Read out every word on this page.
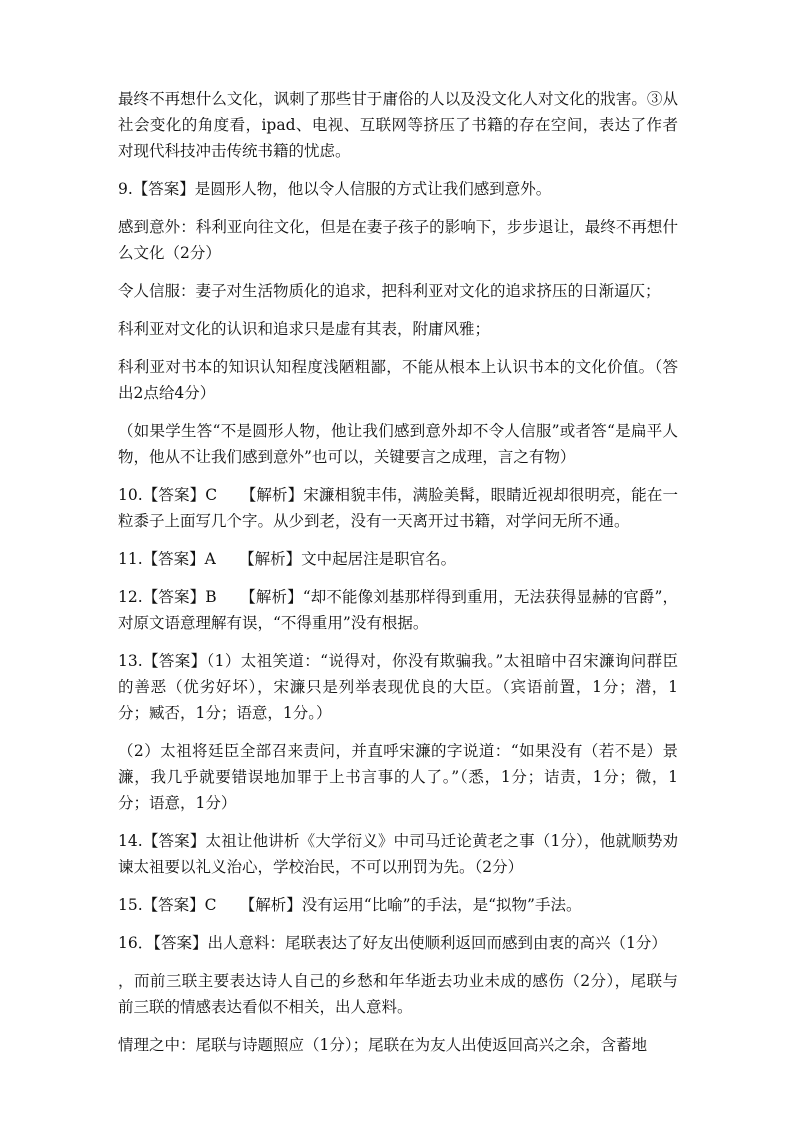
最终不再想什么文化，讽刺了那些甘于庸俗的人以及没文化人对文化的戕害。③从社会变化的角度看，ipad、电视、互联网等挤压了书籍的存在空间，表达了作者对现代科技冲击传统书籍的忧虑。

9.【答案】是圆形人物，他以令人信服的方式让我们感到意外。

感到意外：科利亚向往文化，但是在妻子孩子的影响下，步步退让，最终不再想什么文化（2分）

令人信服：妻子对生活物质化的追求，把科利亚对文化的追求挤压的日渐逼仄；

科利亚对文化的认识和追求只是虚有其表，附庸风雅；

科利亚对书本的知识认知程度浅陋粗鄙，不能从根本上认识书本的文化价值。（答出2点给4分）

（如果学生答“不是圆形人物，他让我们感到意外却不令人信服”或者答“是扁平人物，他从不让我们感到意外”也可以，关键要言之成理，言之有物）

10.【答案】C　　【解析】宋濂相貌丰伟，满脸美髯，眼睛近视却很明亮，能在一粒黍子上面写几个字。从少到老，没有一天离开过书籍，对学问无所不通。

11.【答案】A　　【解析】文中起居注是职官名。

12.【答案】B　　【解析】“却不能像刘基那样得到重用，无法获得显赫的官爵”，对原文语意理解有误，“不得重用”没有根据。

13.【答案】（1）太祖笑道：“说得对，你没有欺骗我。”太祖暗中召宋濂询问群臣的善恶（优劣好坏），宋濂只是列举表现优良的大臣。（宾语前置，1分；潜，1分；臧否，1分；语意，1分。）

（2）太祖将廷臣全部召来责问，并直呼宋濂的字说道：“如果没有（若不是）景濂，我几乎就要错误地加罪于上书言事的人了。”（悉，1分；诘责，1分；微，1分；语意，1分）

14.【答案】太祖让他讲析《大学衍义》中司马迁论黄老之事（1分），他就顺势劝谏太祖要以礼义治心，学校治民，不可以刑罚为先。（2分）

15.【答案】C　　【解析】没有运用“比喻”的手法，是“拟物”手法。

16．【答案】出人意料：尾联表达了好友出使顺利返回而感到由衷的高兴（1分）

，而前三联主要表达诗人自己的乡愁和年华逝去功业未成的感伤（2分），尾联与前三联的情感表达看似不相关，出人意料。

情理之中：尾联与诗题照应（1分）；尾联在为友人出使返回高兴之余，含蓄地
